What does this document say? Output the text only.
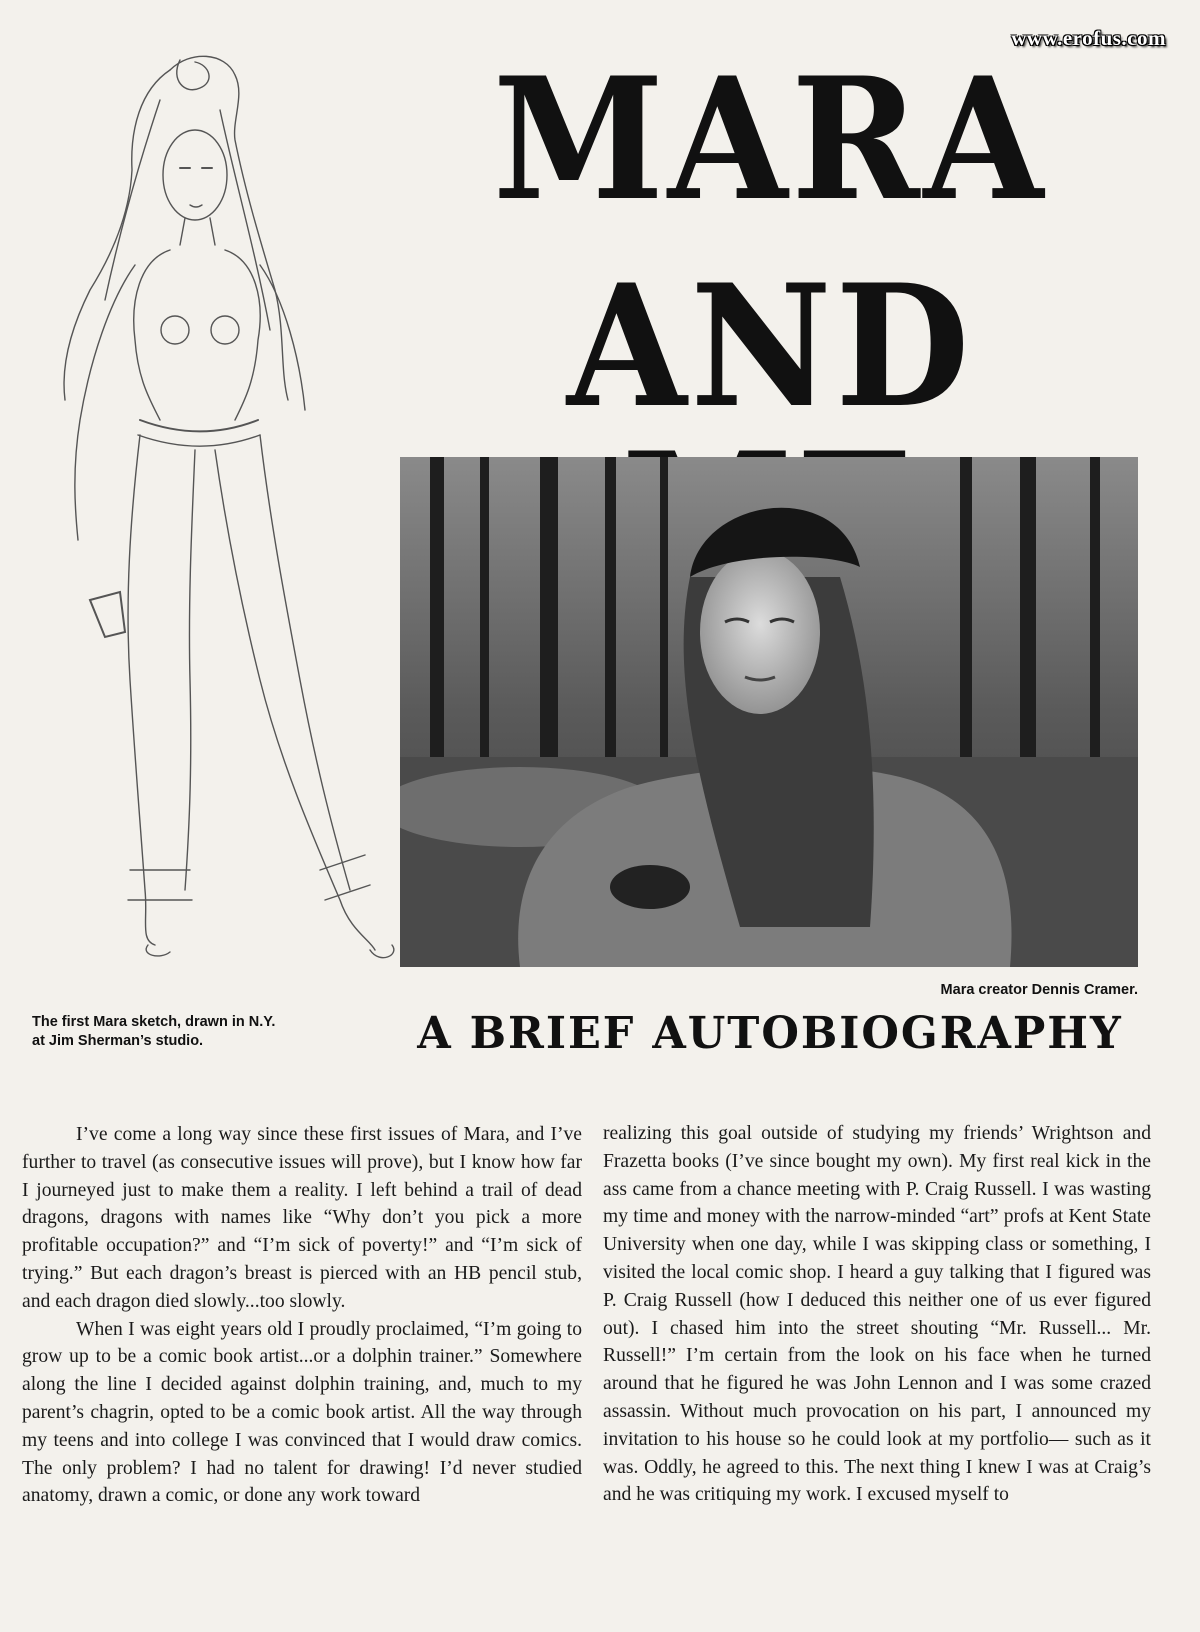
www.erofus.com
MARA
AND
Mara creator Dennis Cramer.
The first Mara sketch, drawn in N.Y.
at Jim Sherman’s studio.	A BRIEF AUTOBIOGRAPHY

I’ve come a long way since these first issues of Mara, and I’ve further to travel (as consecutive issues will prove), but I know how far I journeyed just to make them a reality. I left behind a trail of dead dragons, dragons with names like “Why don’t you pick a more profitable occupation?” and “I’m sick of poverty!” and “I’m sick of trying.” But each dragon’s breast is pierced with an HB pencil stub, and each dragon died slowly...too slowly.

When I was eight years old I proudly proclaimed, “I’m going to grow up to be a comic book artist...or a dolphin trainer.” Somewhere along the line I decided against dolphin training, and, much to my parent’s chagrin, opted to be a comic book artist. All the way through my teens and into college I was convinced that I would draw comics. The only problem? I had no talent for drawing! I’d never studied anatomy, drawn a comic, or done any work toward

realizing this goal outside of studying my friends’ Wrightson and Frazetta books (I’ve since bought my own). My first real kick in the ass came from a chance meeting with P. Craig Russell. I was wasting my time and money with the narrow-minded “art” profs at Kent State University when one day, while I was skipping class or something, I visited the local comic shop. I heard a guy talking that I figured was P. Craig Russell (how I deduced this neither one of us ever figured out). I chased him into the street shouting “Mr. Russell... Mr. Russell!” I’m certain from the look on his face when he turned around that he figured he was John Lennon and I was some crazed assassin. Without much provocation on his part, I announced my invitation to his house so he could look at my portfolio— such as it was. Oddly, he agreed to this. The next thing I knew I was at Craig’s and he was critiquing my work. I excused myself to
